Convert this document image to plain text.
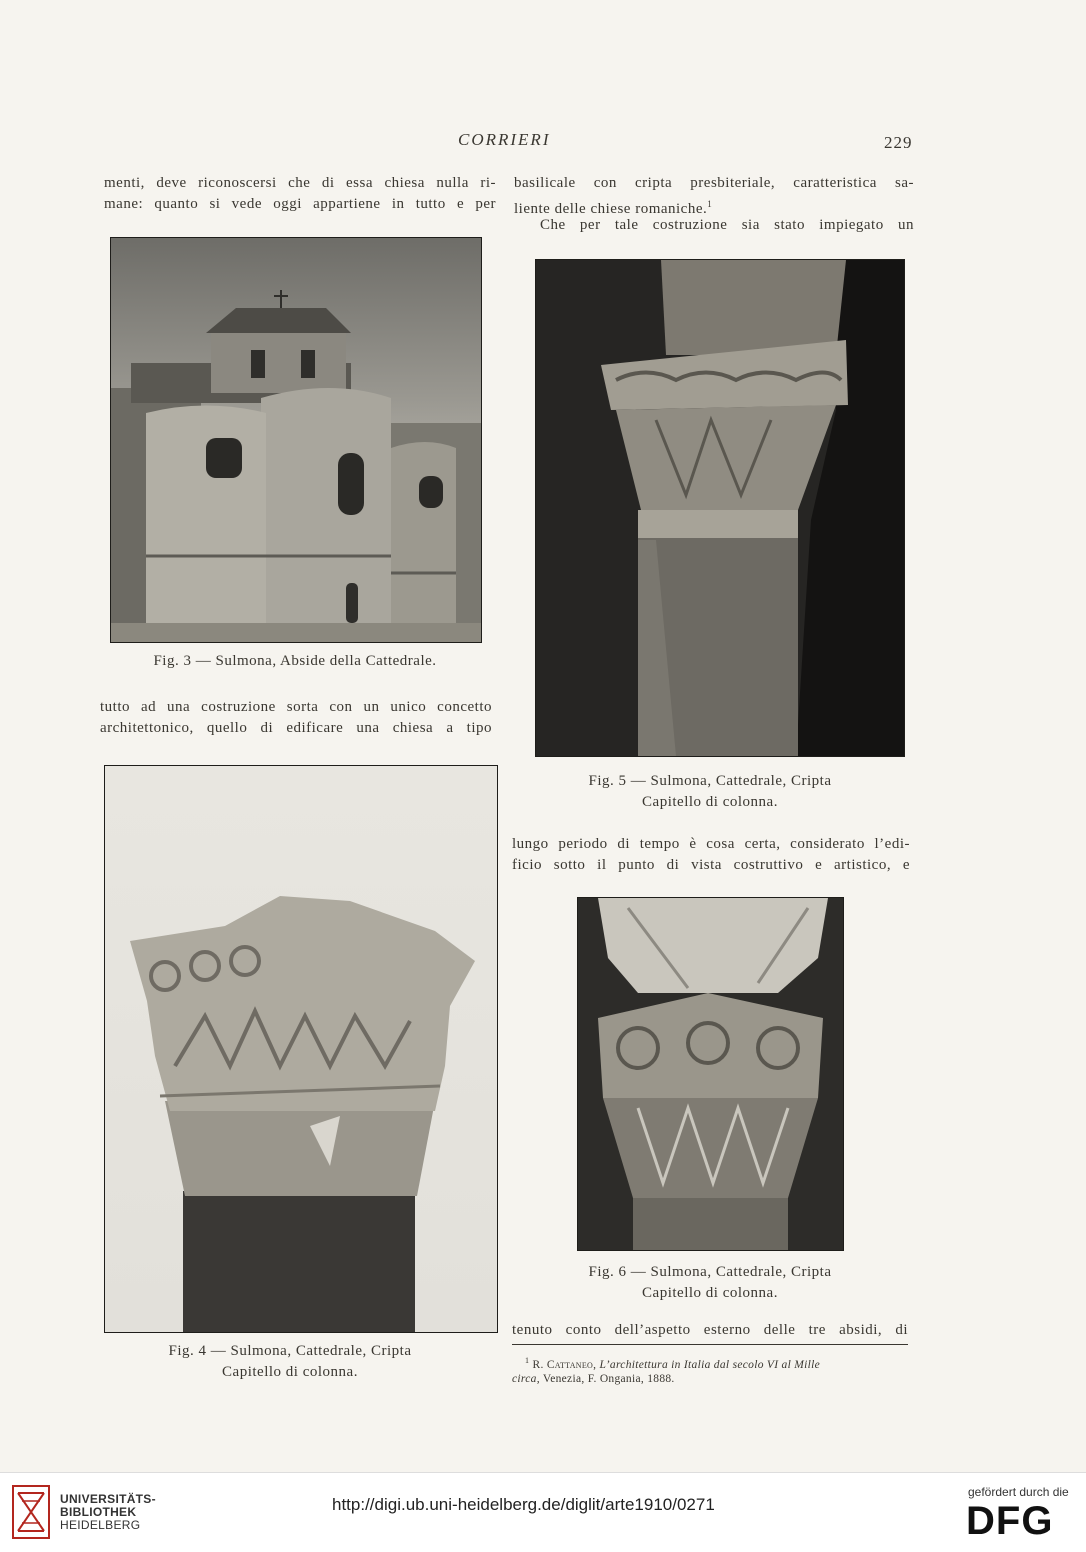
CORRIERI	229
menti, deve riconoscersi che di essa chiesa nulla ri-
mane: quanto si vede oggi appartiene in tutto e per
basilicale con cripta presbiteriale, caratteristica sa-
liente delle chiese romaniche.$^1$
Che per tale costruzione sia stato impiegato un
Fig. 3 — Sulmona, Abside della Cattedrale.
tutto ad una costruzione sorta con un unico concetto
architettonico, quello di edificare una chiesa a tipo
Fig. 4 — Sulmona, Cattedrale, Cripta
Capitello di colonna.
Fig. 5 — Sulmona, Cattedrale, Cripta
Capitello di colonna.
lungo periodo di tempo è cosa certa, considerato l’edi-
ficio sotto il punto di vista costruttivo e artistico, e
Fig. 6 — Sulmona, Cattedrale, Cripta
Capitello di colonna.
tenuto conto dell’aspetto esterno delle tre absidi, di
$^1$ R. Cattaneo, L’architettura in Italia dal secolo VI al Mille
circa, Venezia, F. Ongania, 1888.
UNIVERSITÄTS-
BIBLIOTHEK
HEIDELBERG
http://digi.ub.uni-heidelberg.de/diglit/arte1910/0271
gefördert durch die
DFG
